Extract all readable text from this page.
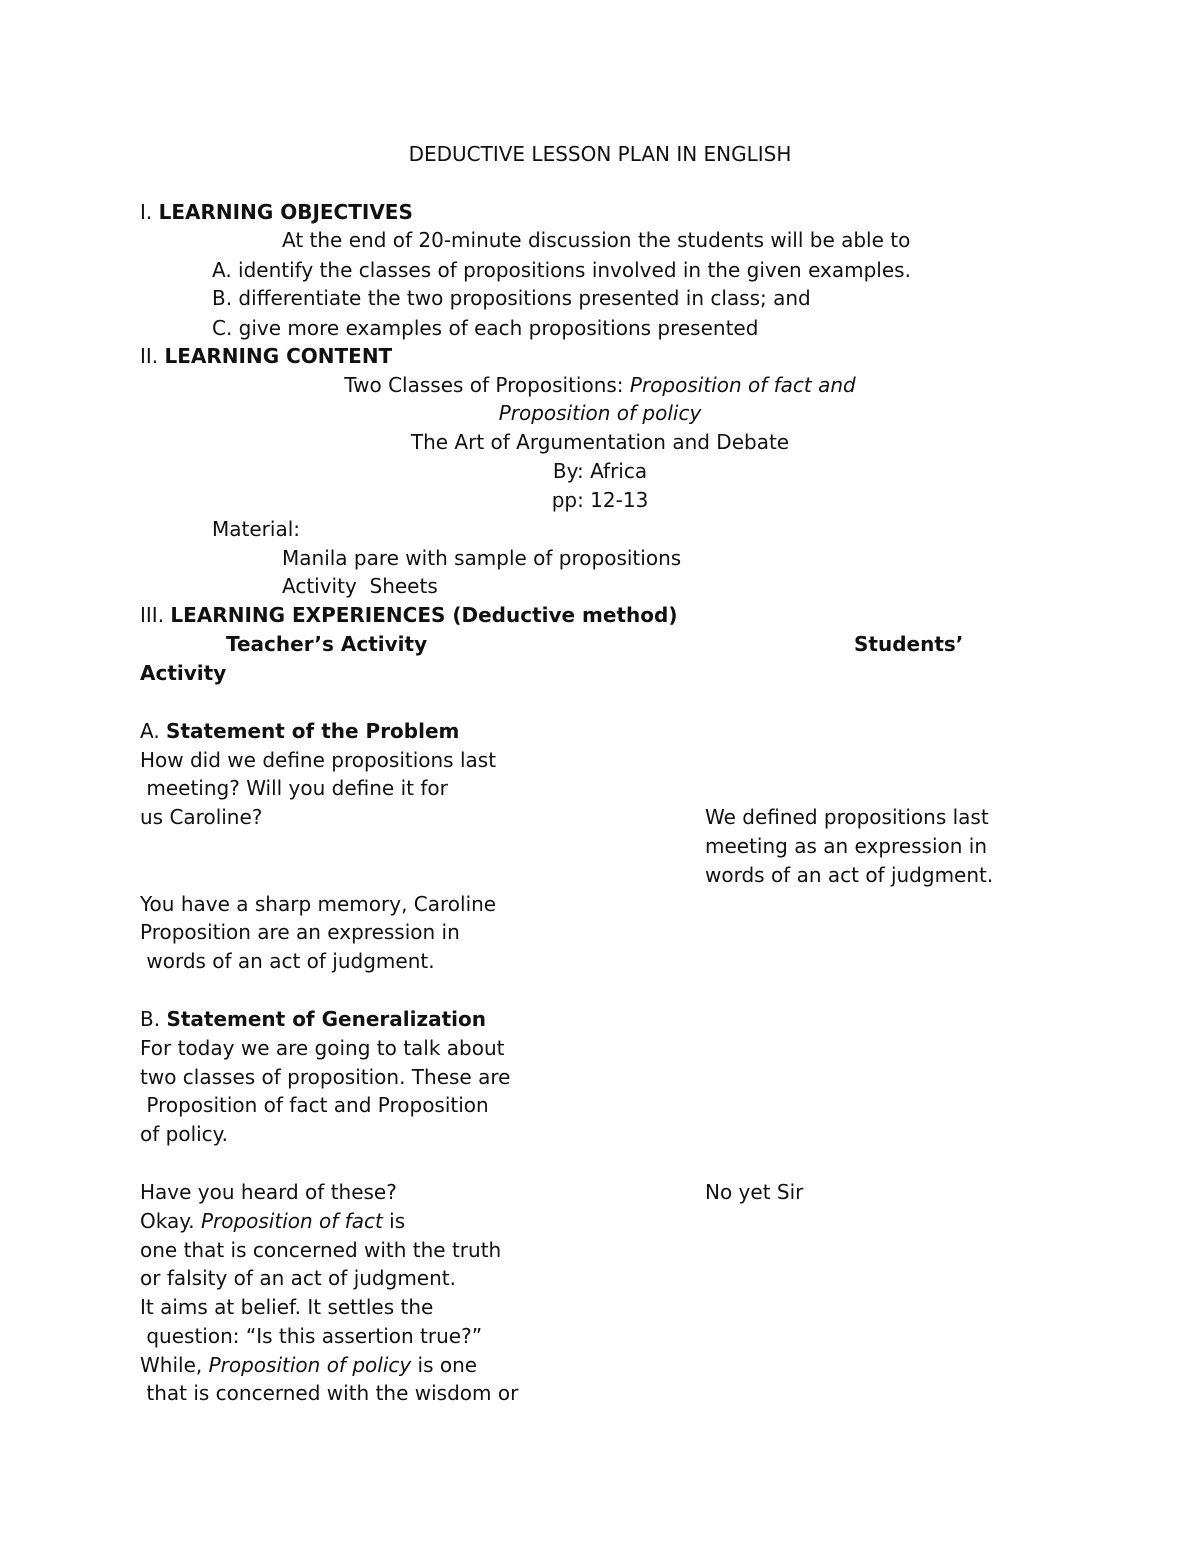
DEDUCTIVE LESSON PLAN IN ENGLISH
I. LEARNING OBJECTIVES
At the end of 20-minute discussion the students will be able to
A. identify the classes of propositions involved in the given examples.
B. differentiate the two propositions presented in class; and
C. give more examples of each propositions presented
II. LEARNING CONTENT
Two Classes of Propositions: Proposition of fact and
Proposition of policy
The Art of Argumentation and Debate
By: Africa
pp: 12-13
Material:
Manila pare with sample of propositions
Activity  Sheets
III. LEARNING EXPERIENCES (Deductive method)
Teacher’s Activity	Students’
Activity
A. Statement of the Problem
How did we define propositions last
meeting? Will you define it for
us Caroline?	We defined propositions last
meeting as an expression in
words of an act of judgment.
You have a sharp memory, Caroline
Proposition are an expression in
words of an act of judgment.
B. Statement of Generalization
For today we are going to talk about
two classes of proposition. These are
Proposition of fact and Proposition
of policy.
Have you heard of these?	No yet Sir
Okay. Proposition of fact is
one that is concerned with the truth
or falsity of an act of judgment.
It aims at belief. It settles the
question: “Is this assertion true?”
While, Proposition of policy is one
that is concerned with the wisdom or
